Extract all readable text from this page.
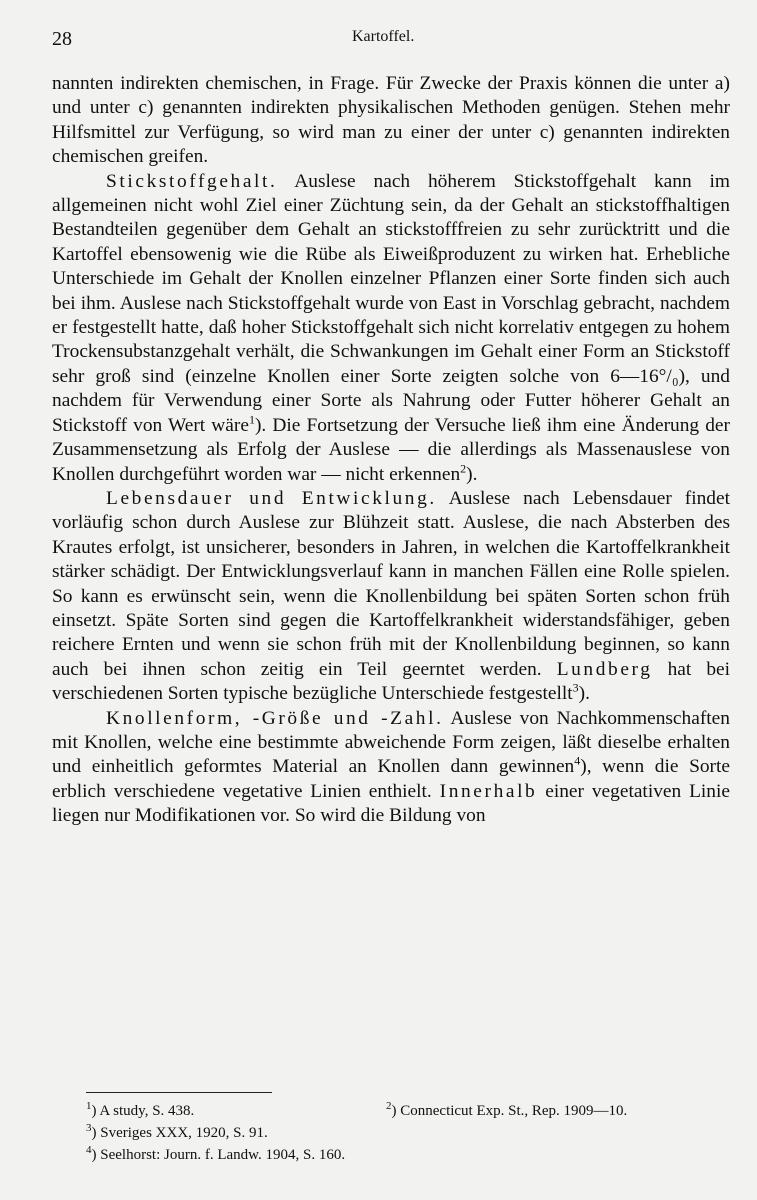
28	Kartoffel.

nannten indirekten chemischen, in Frage. Für Zwecke der Praxis können die unter a) und unter c) genannten indirekten physikalischen Methoden genügen. Stehen mehr Hilfsmittel zur Verfügung, so wird man zu einer der unter c) genannten indirekten chemischen greifen.

Stickstoffgehalt. Auslese nach höherem Stickstoffgehalt kann im allgemeinen nicht wohl Ziel einer Züchtung sein, da der Gehalt an stickstoffhaltigen Bestandteilen gegenüber dem Gehalt an stickstofffreien zu sehr zurücktritt und die Kartoffel ebensowenig wie die Rübe als Eiweißproduzent zu wirken hat. Erhebliche Unterschiede im Gehalt der Knollen einzelner Pflanzen einer Sorte finden sich auch bei ihm. Auslese nach Stickstoffgehalt wurde von East in Vorschlag gebracht, nachdem er festgestellt hatte, daß hoher Stickstoffgehalt sich nicht korrelativ entgegen zu hohem Trockensubstanzgehalt verhält, die Schwankungen im Gehalt einer Form an Stickstoff sehr groß sind (einzelne Knollen einer Sorte zeigten solche von 6—16°/₀), und nachdem für Verwendung einer Sorte als Nahrung oder Futter höherer Gehalt an Stickstoff von Wert wäre$^1$). Die Fortsetzung der Versuche ließ ihm eine Änderung der Zusammensetzung als Erfolg der Auslese — die allerdings als Massenauslese von Knollen durchgeführt worden war — nicht erkennen$^2$).

Lebensdauer und Entwicklung. Auslese nach Lebensdauer findet vorläufig schon durch Auslese zur Blühzeit statt. Auslese, die nach Absterben des Krautes erfolgt, ist unsicherer, besonders in Jahren, in welchen die Kartoffelkrankheit stärker schädigt. Der Entwicklungsverlauf kann in manchen Fällen eine Rolle spielen. So kann es erwünscht sein, wenn die Knollenbildung bei späten Sorten schon früh einsetzt. Späte Sorten sind gegen die Kartoffelkrankheit widerstandsfähiger, geben reichere Ernten und wenn sie schon früh mit der Knollenbildung beginnen, so kann auch bei ihnen schon zeitig ein Teil geerntet werden. Lundberg hat bei verschiedenen Sorten typische bezügliche Unterschiede festgestellt$^3$).

Knollenform, -Größe und -Zahl. Auslese von Nachkommenschaften mit Knollen, welche eine bestimmte abweichende Form zeigen, läßt dieselbe erhalten und einheitlich geformtes Material an Knollen dann gewinnen$^4$), wenn die Sorte erblich verschiedene vegetative Linien enthielt. Innerhalb einer vegetativen Linie liegen nur Modifikationen vor. So wird die Bildung von

$^1$) A study, S. 438.	$^2$) Connecticut Exp. St., Rep. 1909—10.
$^3$) Sveriges XXX, 1920, S. 91.
$^4$) Seelhorst: Journ. f. Landw. 1904, S. 160.
